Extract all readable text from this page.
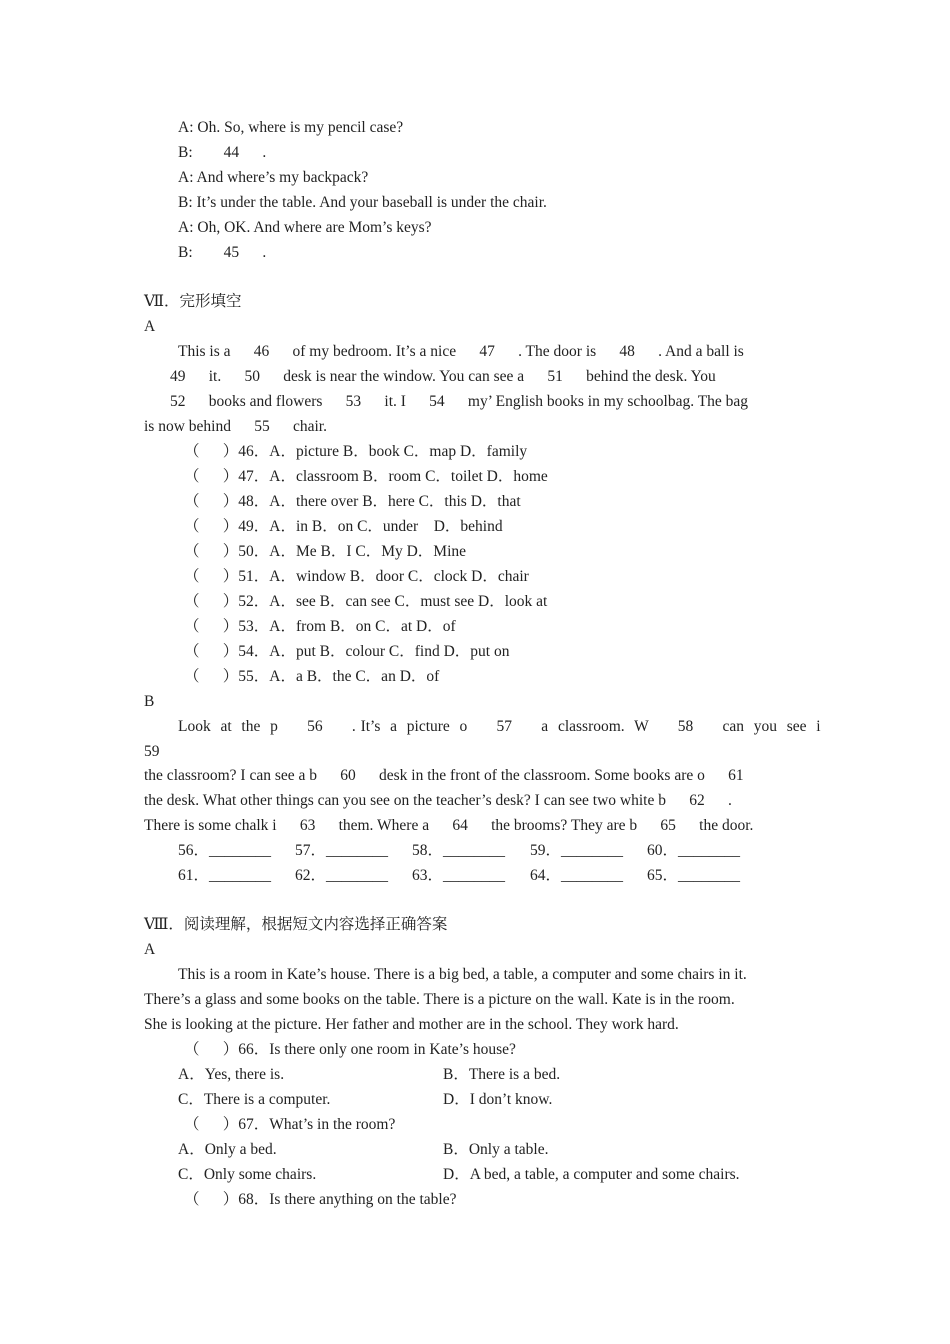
A: Oh. So, where is my pencil case?
B:        44      .
A: And where’s my backpack?
B: It’s under the table. And your baseball is under the chair.
A: Oh, OK. And where are Mom’s keys?
B:        45      .
Ⅶ．完形填空
A
This is a      46      of my bedroom. It’s a nice      47      . The door is      48      . And a ball is
49      it.      50      desk is near the window. You can see a      51      behind the desk. You
52      books and flowers      53      it. I      54      my’ English books in my schoolbag. The bag
is now behind      55      chair.
（      ）46．A．picture B．book C．map D．family
（      ）47．A．classroom B．room C．toilet D．home
（      ）48．A．there over B．here C．this D．that
（      ）49．A．in B．on C．under    D．behind
（      ）50．A．Me B．I C．My D．Mine
（      ）51．A．window B．door C．clock D．chair
（      ）52．A．see B．can see C．must see D．look at
（      ）53．A．from B．on C．at D．of
（      ）54．A．put B．colour C．find D．put on
（      ）55．A．a B．the C．an D．of
B
Look  at  the  p      56      . It’s  a  picture  o      57      a  classroom.  W      58      can  you  see  i
59
the classroom? I can see a b      60      desk in the front of the classroom. Some books are o      61
the desk. What other things can you see on the teacher’s desk? I can see two white b      62      .
There is some chalk i      63      them. Where a      64      the brooms? They are b      65      the door.
56．________ 57．________ 58．________ 59．________ 60．________
61．________ 62．________ 63．________ 64．________ 65．________
Ⅷ．阅读理解，根据短文内容选择正确答案
A
This is a room in Kate’s house. There is a big bed, a table, a computer and some chairs in it.
There’s a glass and some books on the table. There is a picture on the wall. Kate is in the room.
She is looking at the picture. Her father and mother are in the school. They work hard.
（      ）66．Is there only one room in Kate’s house?
A．Yes, there is.	B．There is a bed.
C．There is a computer.	D．I don’t know.
（      ）67．What’s in the room?
A．Only a bed.	B．Only a table.
C．Only some chairs.	D．A bed, a table, a computer and some chairs.
（      ）68．Is there anything on the table?
